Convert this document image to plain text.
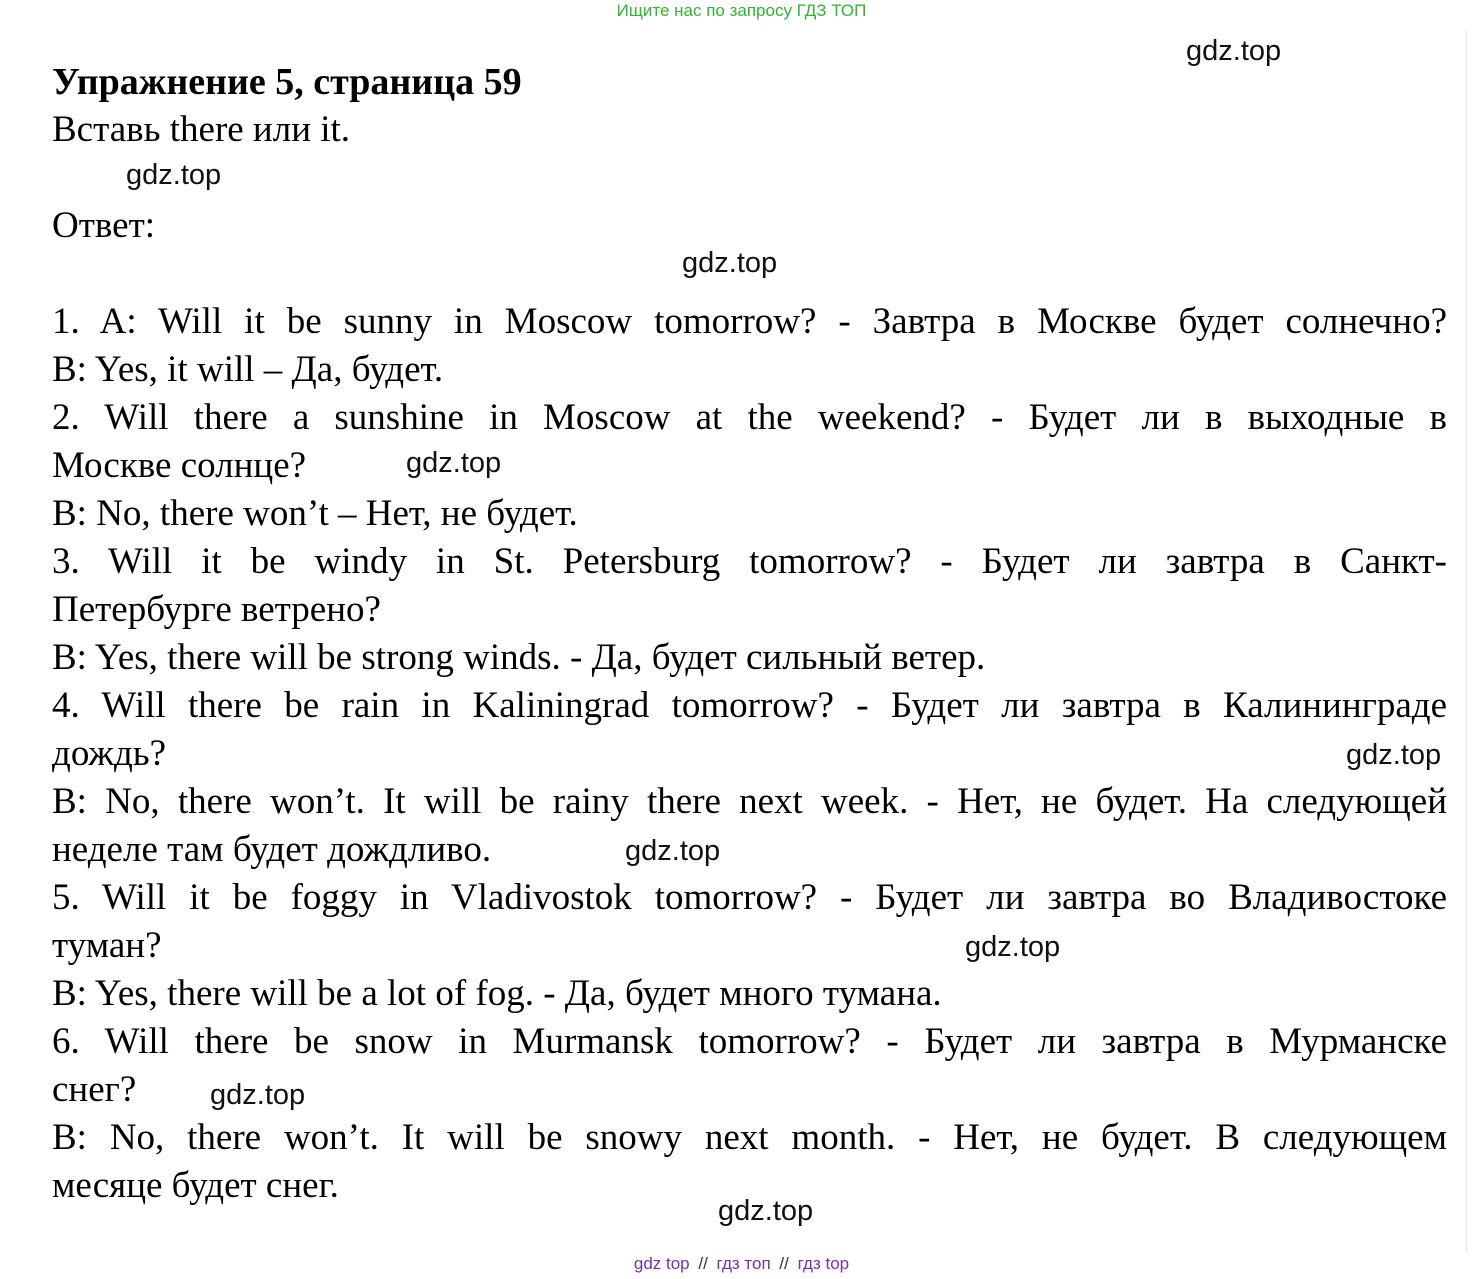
Ищите нас по запросу ГДЗ ТОП
Упражнение 5, страница 59
Вставь there или it.
Ответ:
1. A: Will it be sunny in Moscow tomorrow? - Завтра в Москве будет солнечно?
B: Yes, it will – Да, будет.
2. Will there a sunshine in Moscow at the weekend? - Будет ли в выходные в
Москве солнце?
B: No, there won’t – Нет, не будет.
3. Will it be windy in St. Petersburg tomorrow? - Будет ли завтра в Санкт-
Петербурге ветрено?
B: Yes, there will be strong winds. - Да, будет сильный ветер.
4. Will there be rain in Kaliningrad tomorrow? - Будет ли завтра в Калининграде
дождь?
B: No, there won’t. It will be rainy there next week. - Нет, не будет. На следующей
неделе там будет дождливо.
5. Will it be foggy in Vladivostok tomorrow? - Будет ли завтра во Владивостоке
туман?
B: Yes, there will be a lot of fog. - Да, будет много тумана.
6. Will there be snow in Murmansk tomorrow? - Будет ли завтра в Мурманске
снег?
B: No, there won’t. It will be snowy next month. - Нет, не будет. В следующем
месяце будет снег.
gdz.top
gdz.top
gdz.top
gdz.top
gdz.top
gdz.top
gdz.top
gdz.top
gdz.top
gdz top // гдз топ // гдз top
